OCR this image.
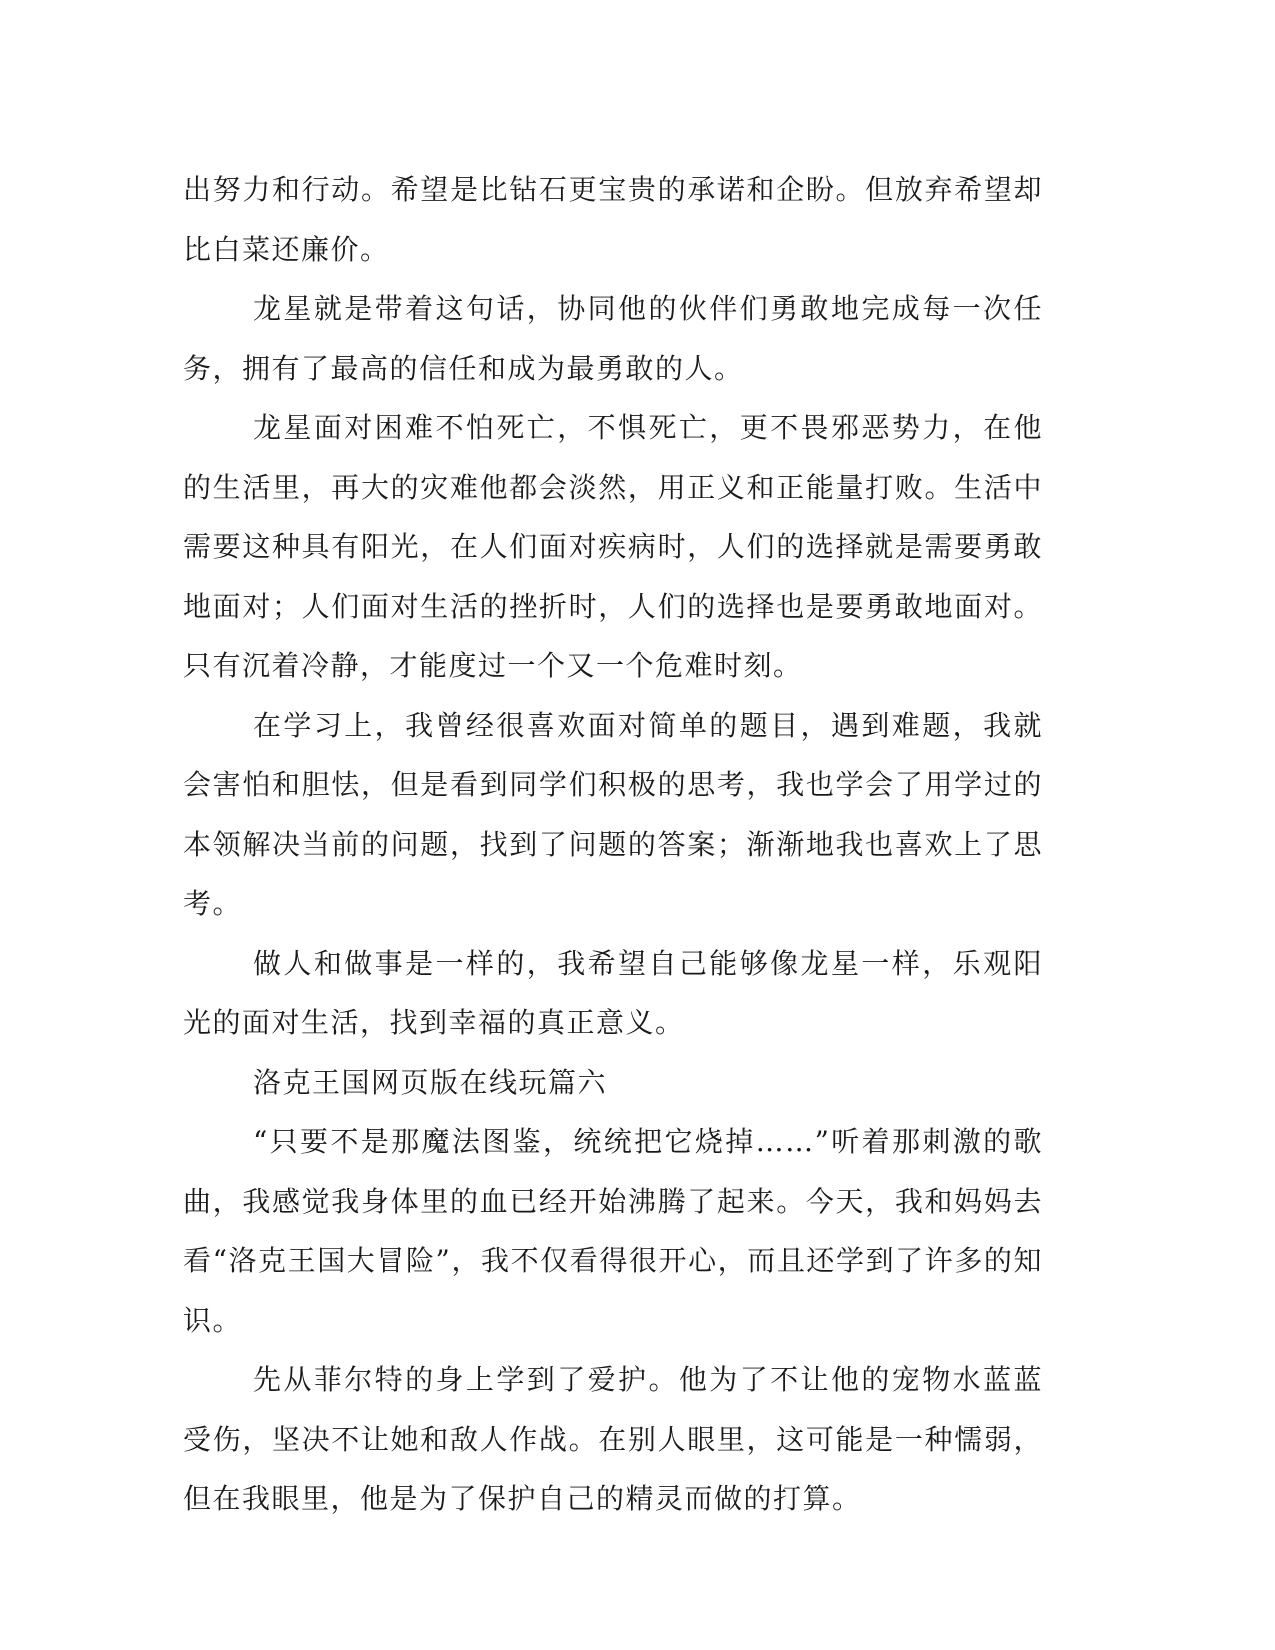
出努力和行动。希望是比钻石更宝贵的承诺和企盼。但放弃希望却比白菜还廉价。

龙星就是带着这句话，协同他的伙伴们勇敢地完成每一次任务，拥有了最高的信任和成为最勇敢的人。

龙星面对困难不怕死亡，不惧死亡，更不畏邪恶势力，在他的生活里，再大的灾难他都会淡然，用正义和正能量打败。生活中需要这种具有阳光，在人们面对疾病时，人们的选择就是需要勇敢地面对；人们面对生活的挫折时，人们的选择也是要勇敢地面对。只有沉着冷静，才能度过一个又一个危难时刻。

在学习上，我曾经很喜欢面对简单的题目，遇到难题，我就会害怕和胆怯，但是看到同学们积极的思考，我也学会了用学过的本领解决当前的问题，找到了问题的答案；渐渐地我也喜欢上了思考。

做人和做事是一样的，我希望自己能够像龙星一样，乐观阳光的面对生活，找到幸福的真正意义。

洛克王国网页版在线玩篇六

“只要不是那魔法图鉴，统统把它烧掉……”听着那刺激的歌曲，我感觉我身体里的血已经开始沸腾了起来。今天，我和妈妈去看“洛克王国大冒险”，我不仅看得很开心，而且还学到了许多的知识。

先从菲尔特的身上学到了爱护。他为了不让他的宠物水蓝蓝受伤，坚决不让她和敌人作战。在别人眼里，这可能是一种懦弱，但在我眼里，他是为了保护自己的精灵而做的打算。
